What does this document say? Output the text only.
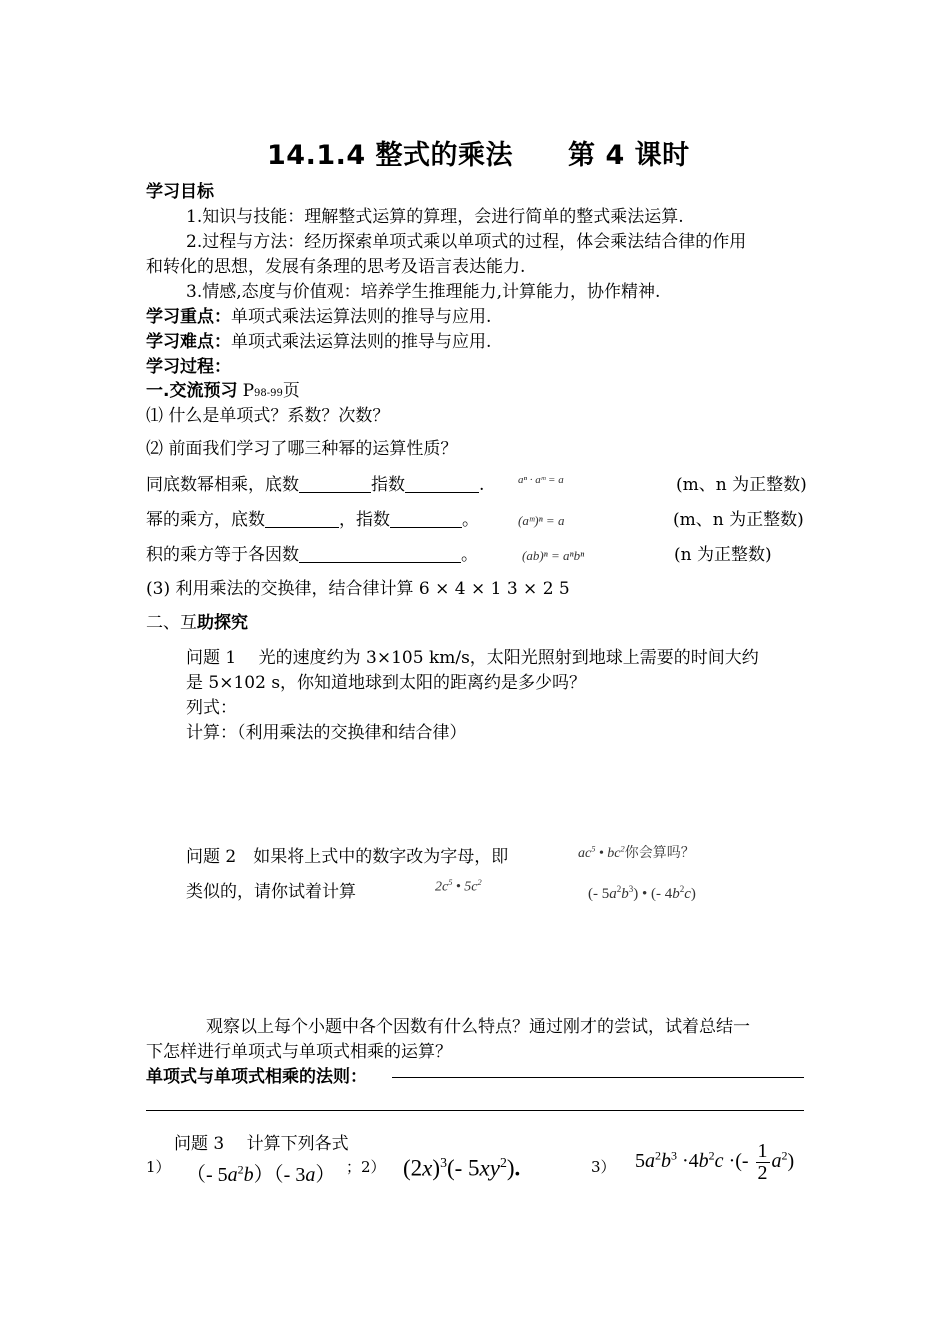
14.1.4 整式的乘法　　第 4 课时
学习目标
1.知识与技能：理解整式运算的算理，会进行简单的整式乘法运算.
2.过程与方法：经历探索单项式乘以单项式的过程，体会乘法结合律的作用
和转化的思想，发展有条理的思考及语言表达能力.
3.情感,态度与价值观：培养学生推理能力,计算能力，协作精神.
学习重点：单项式乘法运算法则的推导与应用.
学习难点：单项式乘法运算法则的推导与应用.
学习过程：
一.交流预习 P98-99页
⑴ 什么是单项式？系数？次数？
⑵ 前面我们学习了哪三种幂的运算性质？
同底数幂相乘，底数	指数	.	aⁿ · aᵐ = a	(m、n 为正整数)
幂的乘方，底数	，指数	。	(aᵐ)ⁿ = a	(m、n 为正整数)
积的乘方等于各因数	。	(ab)ⁿ = aⁿbⁿ	(n 为正整数)
(3) 利用乘法的交换律，结合律计算 6 × 4 × 1 3 × 2 5
二、互助探究
问题 1　 光的速度约为 3×105 km/s，太阳光照射到地球上需要的时间大约
是 5×102 s，你知道地球到太阳的距离约是多少吗？
列式：
计算：（利用乘法的交换律和结合律）
问题 2　如果将上式中的数字改为字母，即	$ac^5$ • $bc^2$你会算吗？
类似的，请你试着计算	$2c^5$ • $5c^2$
(- $5a^2b^3$) • (- $4b^2c$)
观察以上每个小题中各个因数有什么特点？通过刚才的尝试，试着总结一
下怎样进行单项式与单项式相乘的运算？
单项式与单项式相乘的法则：
问题 3　 计算下列各式
1） （- $5a^2b)(-$ 3a） ；2） $(2x)^3(-$ $5xy^2$).	3） $5a^2b^3 \cdot 4b^2c$ ·(- $\frac{1}{2} a^2$)
